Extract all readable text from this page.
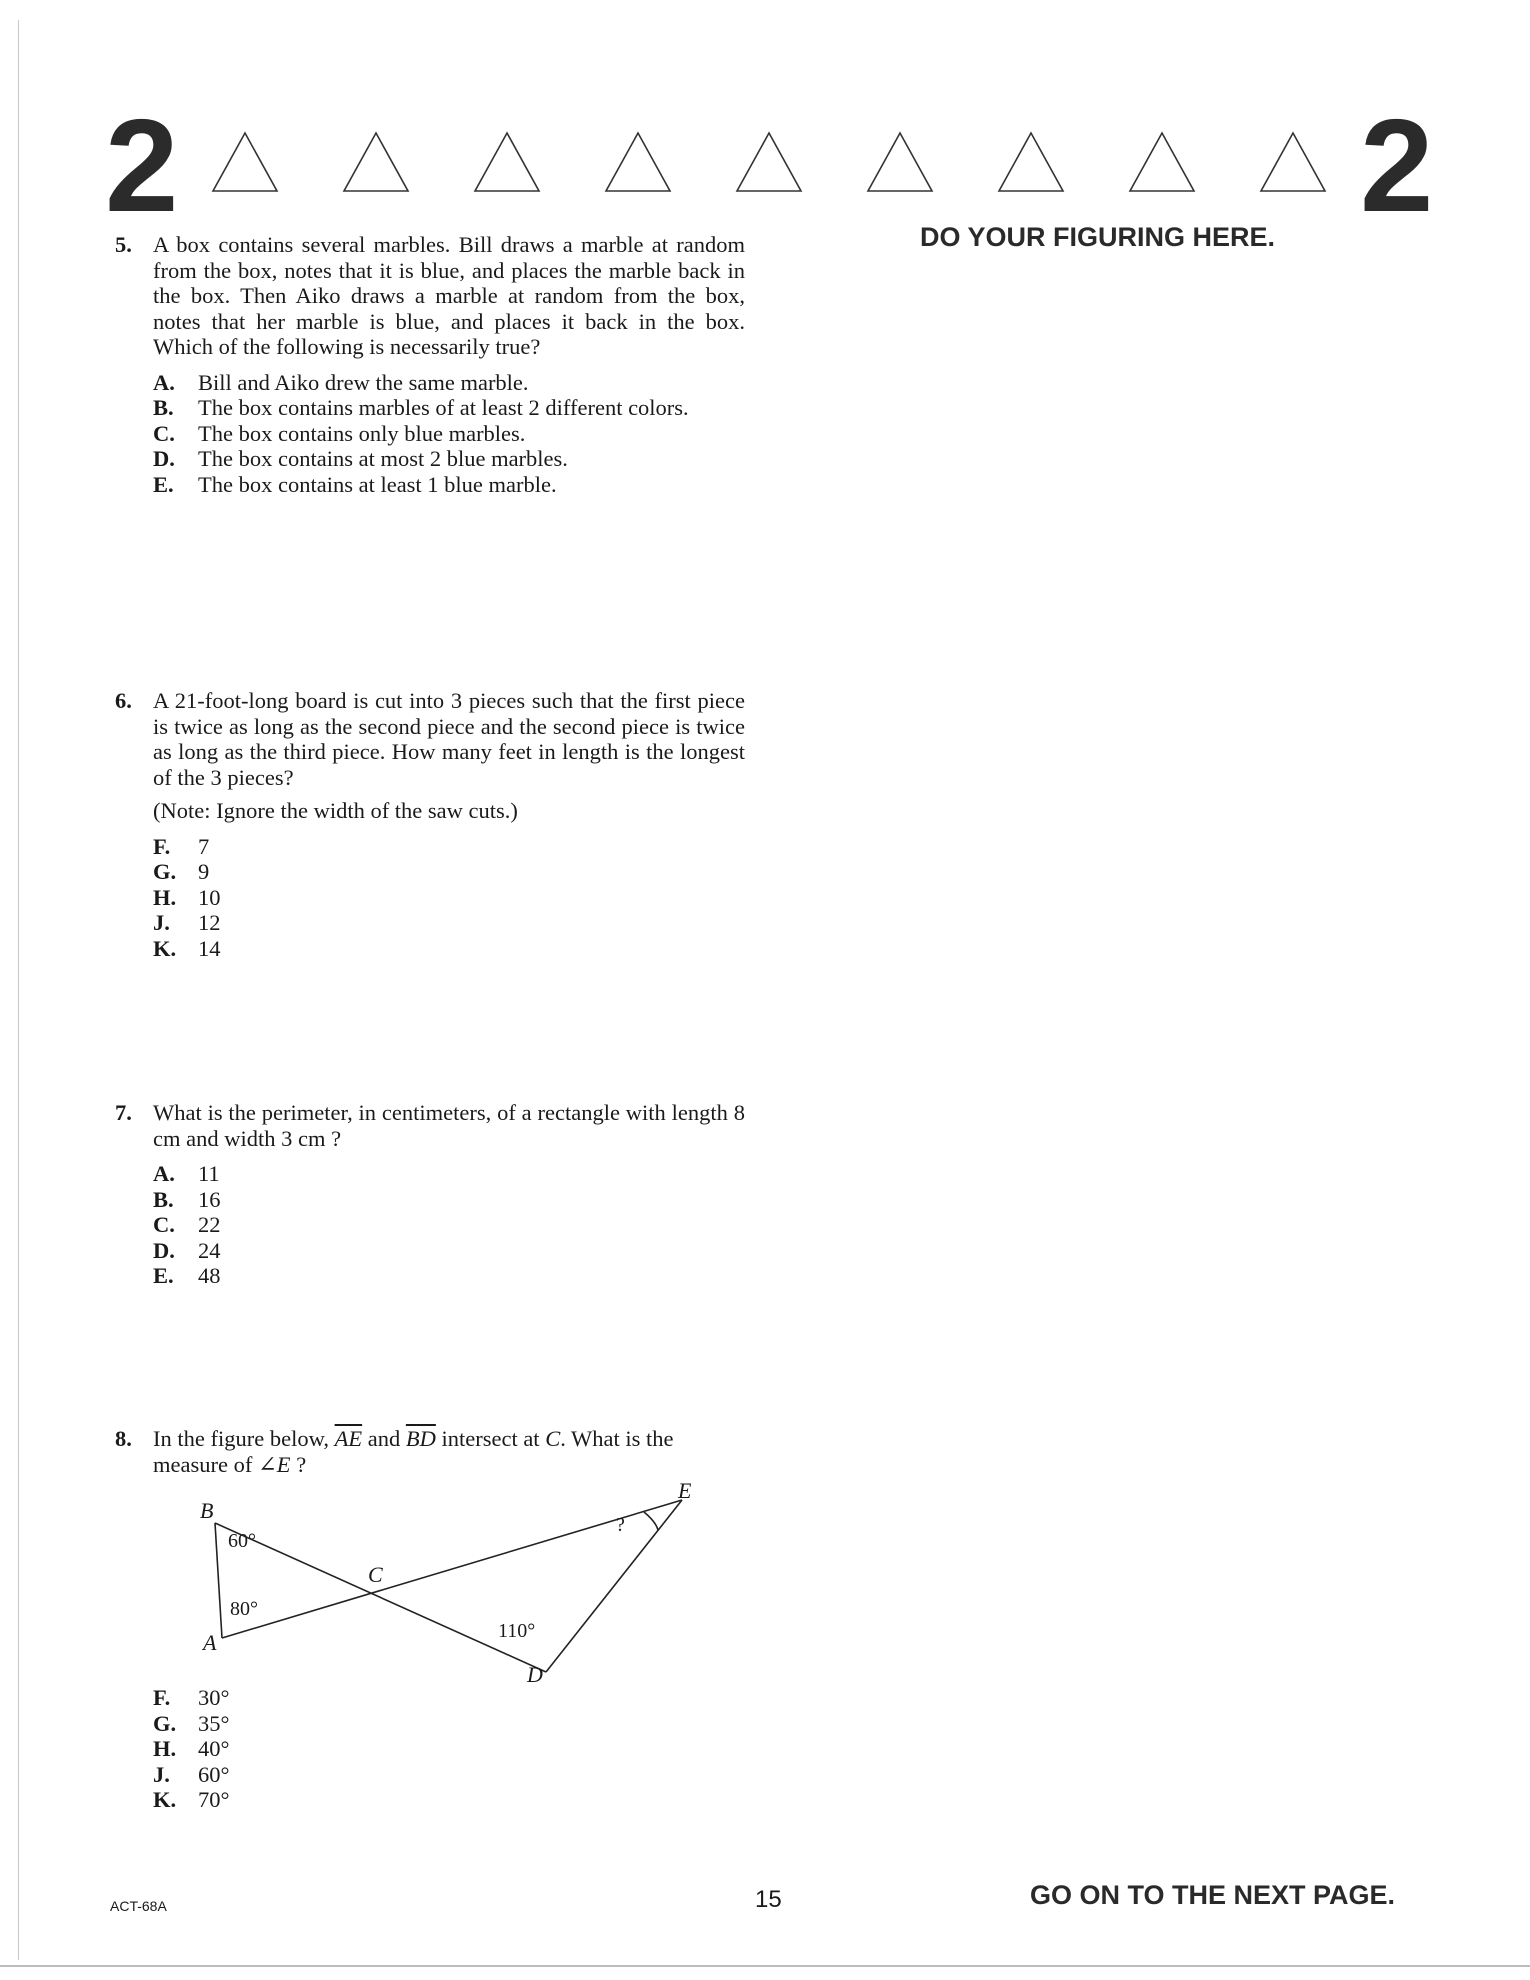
2	2
DO YOUR FIGURING HERE.
5. A box contains several marbles. Bill draws a marble at random from the box, notes that it is blue, and places the marble back in the box. Then Aiko draws a marble at random from the box, notes that her marble is blue, and places it back in the box. Which of the following is necessarily true?
A. Bill and Aiko drew the same marble.
B. The box contains marbles of at least 2 different colors.
C. The box contains only blue marbles.
D. The box contains at most 2 blue marbles.
E. The box contains at least 1 blue marble.
6. A 21-foot-long board is cut into 3 pieces such that the first piece is twice as long as the second piece and the second piece is twice as long as the third piece. How many feet in length is the longest of the 3 pieces?
(Note: Ignore the width of the saw cuts.)
F. 7
G. 9
H. 10
J. 12
K. 14
7. What is the perimeter, in centimeters, of a rectangle with length 8 cm and width 3 cm ?
A. 11
B. 16
C. 22
D. 24
E. 48
8. In the figure below, $\overline{AE}$ and $\overline{BD}$ intersect at C. What is the measure of ∠E ?
F. 30°
G. 35°
H. 40°
J. 60°
K. 70°
B
E
C
A
D
60°
80°
110°
?
ACT-68A	15	GO ON TO THE NEXT PAGE.
